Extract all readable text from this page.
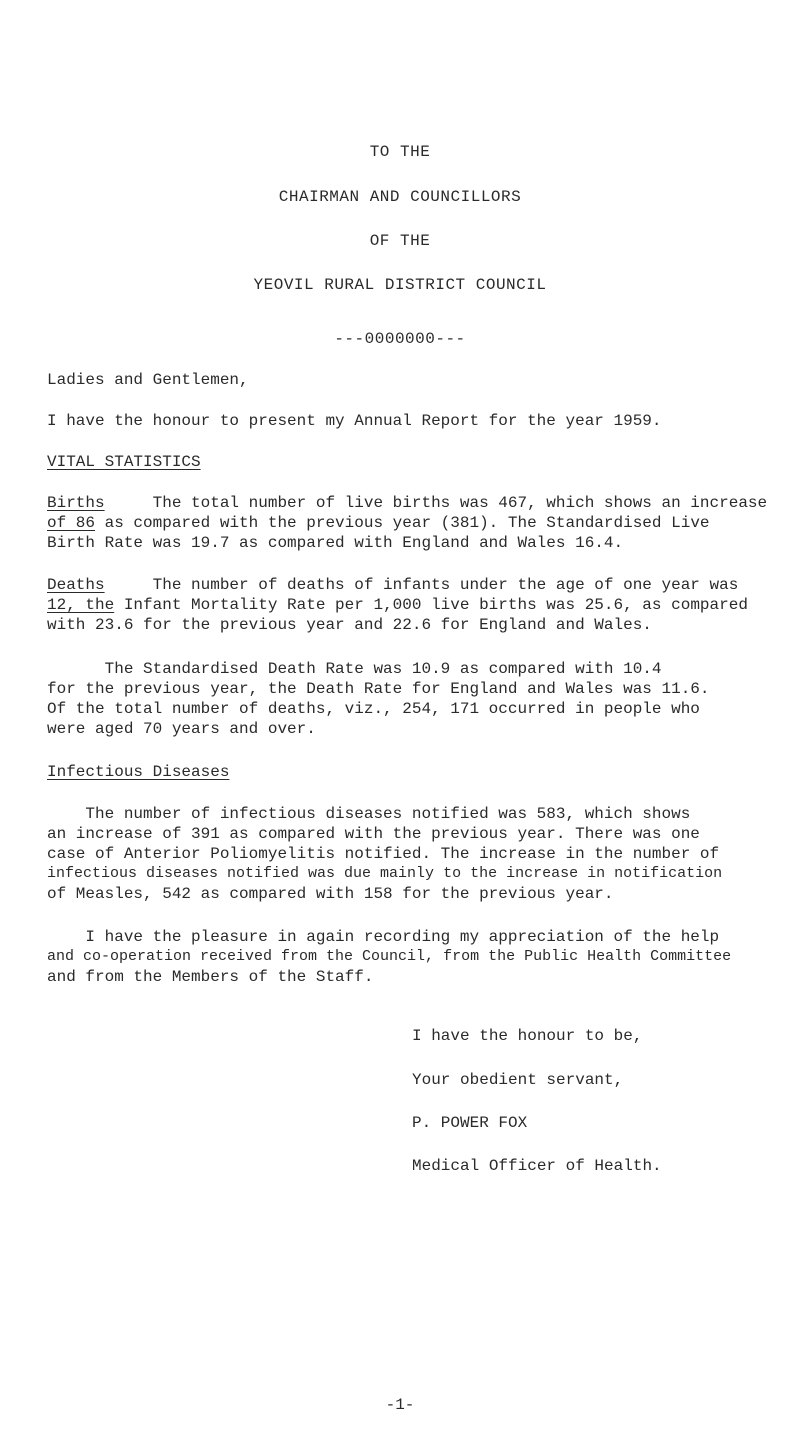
TO THE
CHAIRMAN AND COUNCILLORS
OF THE
YEOVIL RURAL DISTRICT COUNCIL
---0000000---
Ladies and Gentlemen,
I have the honour to present my Annual Report for the year 1959.
VITAL STATISTICS

Births     The total number of live births was 467, which shows an increase

of 86 as compared with the previous year (381). The Standardised Live

Birth Rate was 19.7 as compared with England and Wales 16.4.

Deaths     The number of deaths of infants under the age of one year was

12, the Infant Mortality Rate per 1,000 live births was 25.6, as compared

with 23.6 for the previous year and 22.6 for England and Wales.

The Standardised Death Rate was 10.9 as compared with 10.4

for the previous year, the Death Rate for England and Wales was 11.6.

Of the total number of deaths, viz., 254, 171 occurred in people who

were aged 70 years and over.

Infectious Diseases

The number of infectious diseases notified was 583, which shows

an increase of 391 as compared with the previous year. There was one

case of Anterior Poliomyelitis notified. The increase in the number of

infectious diseases notified was due mainly to the increase in notification

of Measles, 542 as compared with 158 for the previous year.

I have the pleasure in again recording my appreciation of the help

and co-operation received from the Council, from the Public Health Committee

and from the Members of the Staff.

I have the honour to be,
Your obedient servant,
P. POWER FOX
Medical Officer of Health.
-1-
